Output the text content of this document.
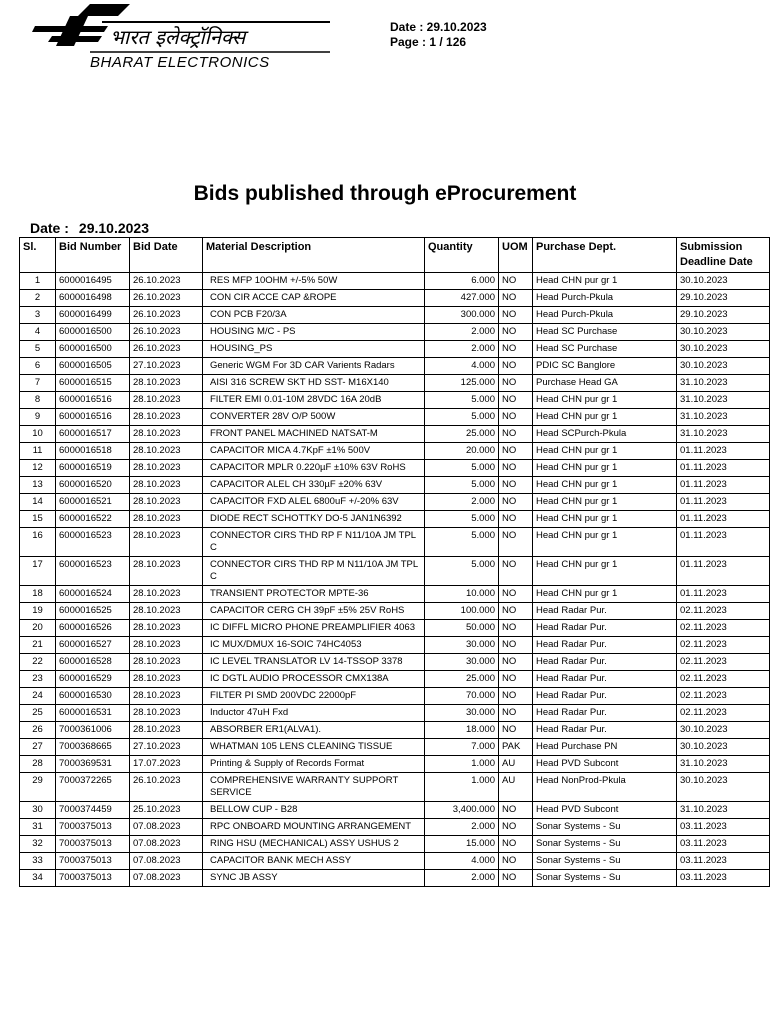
भारत इलेक्ट्रॉनिक्स
BHARAT ELECTRONICS
Date : 29.10.2023
Page : 1 / 126
Bids published through eProcurement
Date : 29.10.2023
Sl.	Bid Number	Bid Date	Material Description	Quantity	UOM	Purchase Dept.	Submission Deadline Date
1	6000016495	26.10.2023	RES MFP 10OHM +/-5% 50W	6.000	NO	Head CHN pur gr 1	30.10.2023
2	6000016498	26.10.2023	CON CIR ACCE CAP &ROPE	427.000	NO	Head Purch-Pkula	29.10.2023
3	6000016499	26.10.2023	CON PCB F20/3A	300.000	NO	Head Purch-Pkula	29.10.2023
4	6000016500	26.10.2023	HOUSING M/C - PS	2.000	NO	Head SC Purchase	30.10.2023
5	6000016500	26.10.2023	HOUSING_PS	2.000	NO	Head SC Purchase	30.10.2023
6	6000016505	27.10.2023	Generic WGM For 3D CAR Varients Radars	4.000	NO	PDIC SC Banglore	30.10.2023
7	6000016515	28.10.2023	AISI 316 SCREW SKT HD SST- M16X140	125.000	NO	Purchase Head GA	31.10.2023
8	6000016516	28.10.2023	FILTER EMI 0.01-10M 28VDC 16A 20dB	5.000	NO	Head CHN pur gr 1	31.10.2023
9	6000016516	28.10.2023	CONVERTER 28V O/P 500W	5.000	NO	Head CHN pur gr 1	31.10.2023
10	6000016517	28.10.2023	FRONT PANEL MACHINED NATSAT-M	25.000	NO	Head SCPurch-Pkula	31.10.2023
11	6000016518	28.10.2023	CAPACITOR MICA 4.7KpF ±1% 500V	20.000	NO	Head CHN pur gr 1	01.11.2023
12	6000016519	28.10.2023	CAPACITOR MPLR 0.220µF ±10% 63V RoHS	5.000	NO	Head CHN pur gr 1	01.11.2023
13	6000016520	28.10.2023	CAPACITOR ALEL CH 330µF ±20% 63V	5.000	NO	Head CHN pur gr 1	01.11.2023
14	6000016521	28.10.2023	CAPACITOR FXD ALEL 6800uF +/-20% 63V	2.000	NO	Head CHN pur gr 1	01.11.2023
15	6000016522	28.10.2023	DIODE RECT SCHOTTKY DO-5 JAN1N6392	5.000	NO	Head CHN pur gr 1	01.11.2023
16	6000016523	28.10.2023	CONNECTOR CIRS THD RP F N11/10A JM TPL C	5.000	NO	Head CHN pur gr 1	01.11.2023
17	6000016523	28.10.2023	CONNECTOR CIRS THD RP M N11/10A JM TPL C	5.000	NO	Head CHN pur gr 1	01.11.2023
18	6000016524	28.10.2023	TRANSIENT PROTECTOR MPTE-36	10.000	NO	Head CHN pur gr 1	01.11.2023
19	6000016525	28.10.2023	CAPACITOR CERG CH 39pF ±5% 25V RoHS	100.000	NO	Head Radar Pur.	02.11.2023
20	6000016526	28.10.2023	IC DIFFL MICRO PHONE PREAMPLIFIER 4063	50.000	NO	Head Radar Pur.	02.11.2023
21	6000016527	28.10.2023	IC MUX/DMUX 16-SOIC 74HC4053	30.000	NO	Head Radar Pur.	02.11.2023
22	6000016528	28.10.2023	IC LEVEL TRANSLATOR LV 14-TSSOP 3378	30.000	NO	Head Radar Pur.	02.11.2023
23	6000016529	28.10.2023	IC DGTL AUDIO PROCESSOR CMX138A	25.000	NO	Head Radar Pur.	02.11.2023
24	6000016530	28.10.2023	FILTER PI SMD 200VDC 22000pF	70.000	NO	Head Radar Pur.	02.11.2023
25	6000016531	28.10.2023	Inductor 47uH Fxd	30.000	NO	Head Radar Pur.	02.11.2023
26	7000361006	28.10.2023	ABSORBER ER1(ALVA1).	18.000	NO	Head Radar Pur.	30.10.2023
27	7000368665	27.10.2023	WHATMAN 105 LENS CLEANING TISSUE	7.000	PAK	Head Purchase PN	30.10.2023
28	7000369531	17.07.2023	Printing & Supply of Records Format	1.000	AU	Head PVD Subcont	31.10.2023
29	7000372265	26.10.2023	COMPREHENSIVE WARRANTY SUPPORT SERVICE	1.000	AU	Head NonProd-Pkula	30.10.2023
30	7000374459	25.10.2023	BELLOW CUP - B28	3,400.000	NO	Head PVD Subcont	31.10.2023
31	7000375013	07.08.2023	RPC ONBOARD MOUNTING ARRANGEMENT	2.000	NO	Sonar Systems - Su	03.11.2023
32	7000375013	07.08.2023	RING HSU (MECHANICAL) ASSY USHUS 2	15.000	NO	Sonar Systems - Su	03.11.2023
33	7000375013	07.08.2023	CAPACITOR BANK MECH ASSY	4.000	NO	Sonar Systems - Su	03.11.2023
34	7000375013	07.08.2023	SYNC JB ASSY	2.000	NO	Sonar Systems - Su	03.11.2023
